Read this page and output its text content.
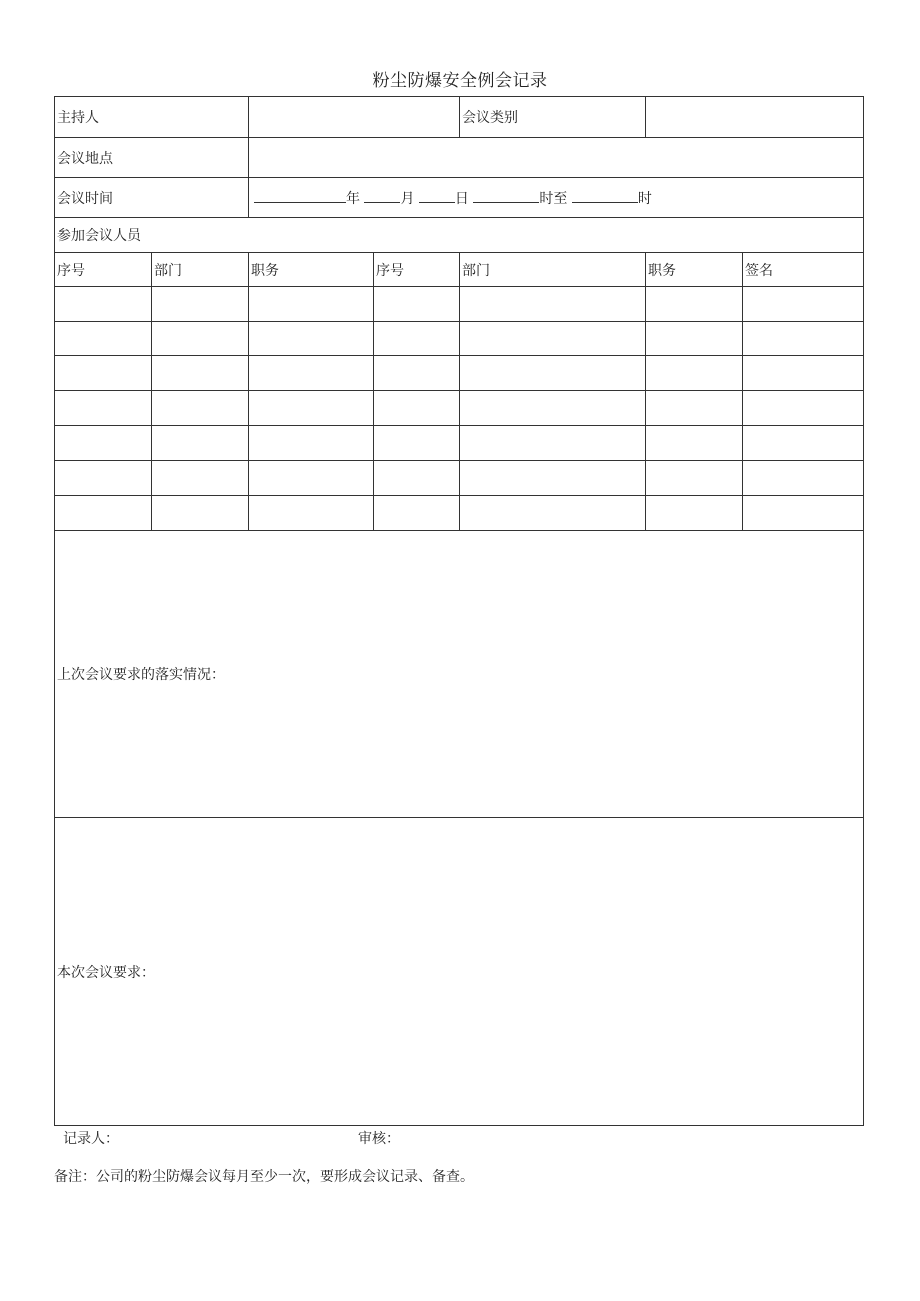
粉尘防爆安全例会记录
主持人				会议类别		
会议地点						
会议时间		年 月 日 时至 时				
参加会议人员						
序号	部门	职务	序号	部门	职务	签名

上次会议要求的落实情况：						
本次会议要求：						
记录人：	审核：
备注：公司的粉尘防爆会议每月至少一次，要形成会议记录、备查。
